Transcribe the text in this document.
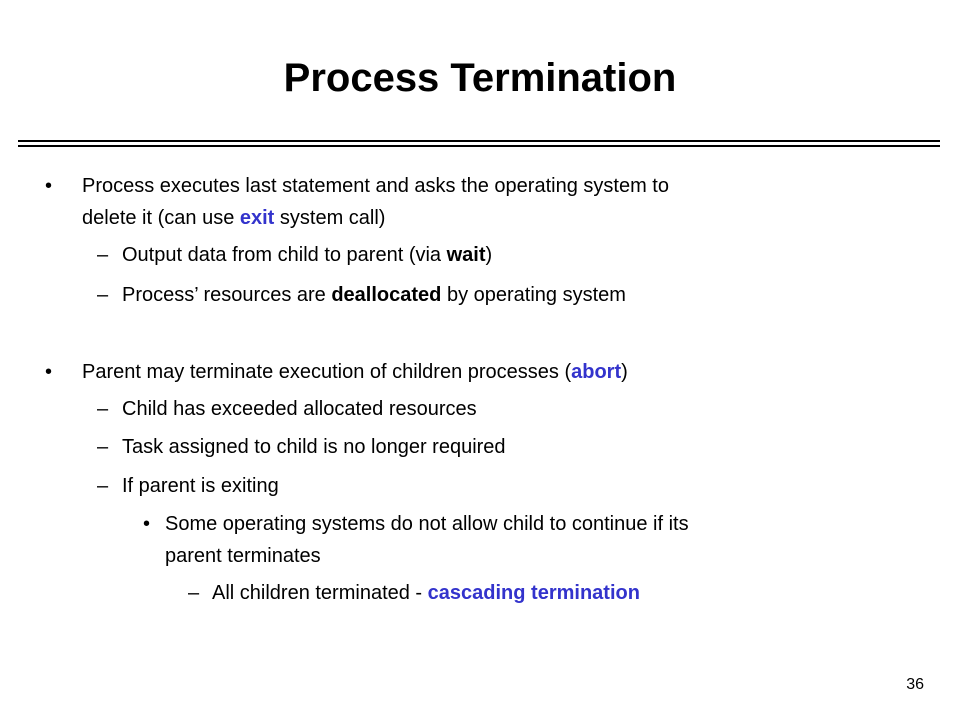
Process Termination
• Process executes last statement and asks the operating system to
delete it (can use exit system call)
– Output data from child to parent (via wait)
– Process’ resources are deallocated by operating system
• Parent may terminate execution of children processes (abort)
– Child has exceeded allocated resources
– Task assigned to child is no longer required
– If parent is exiting
• Some operating systems do not allow child to continue if its
parent terminates
– All children terminated - cascading termination
36
